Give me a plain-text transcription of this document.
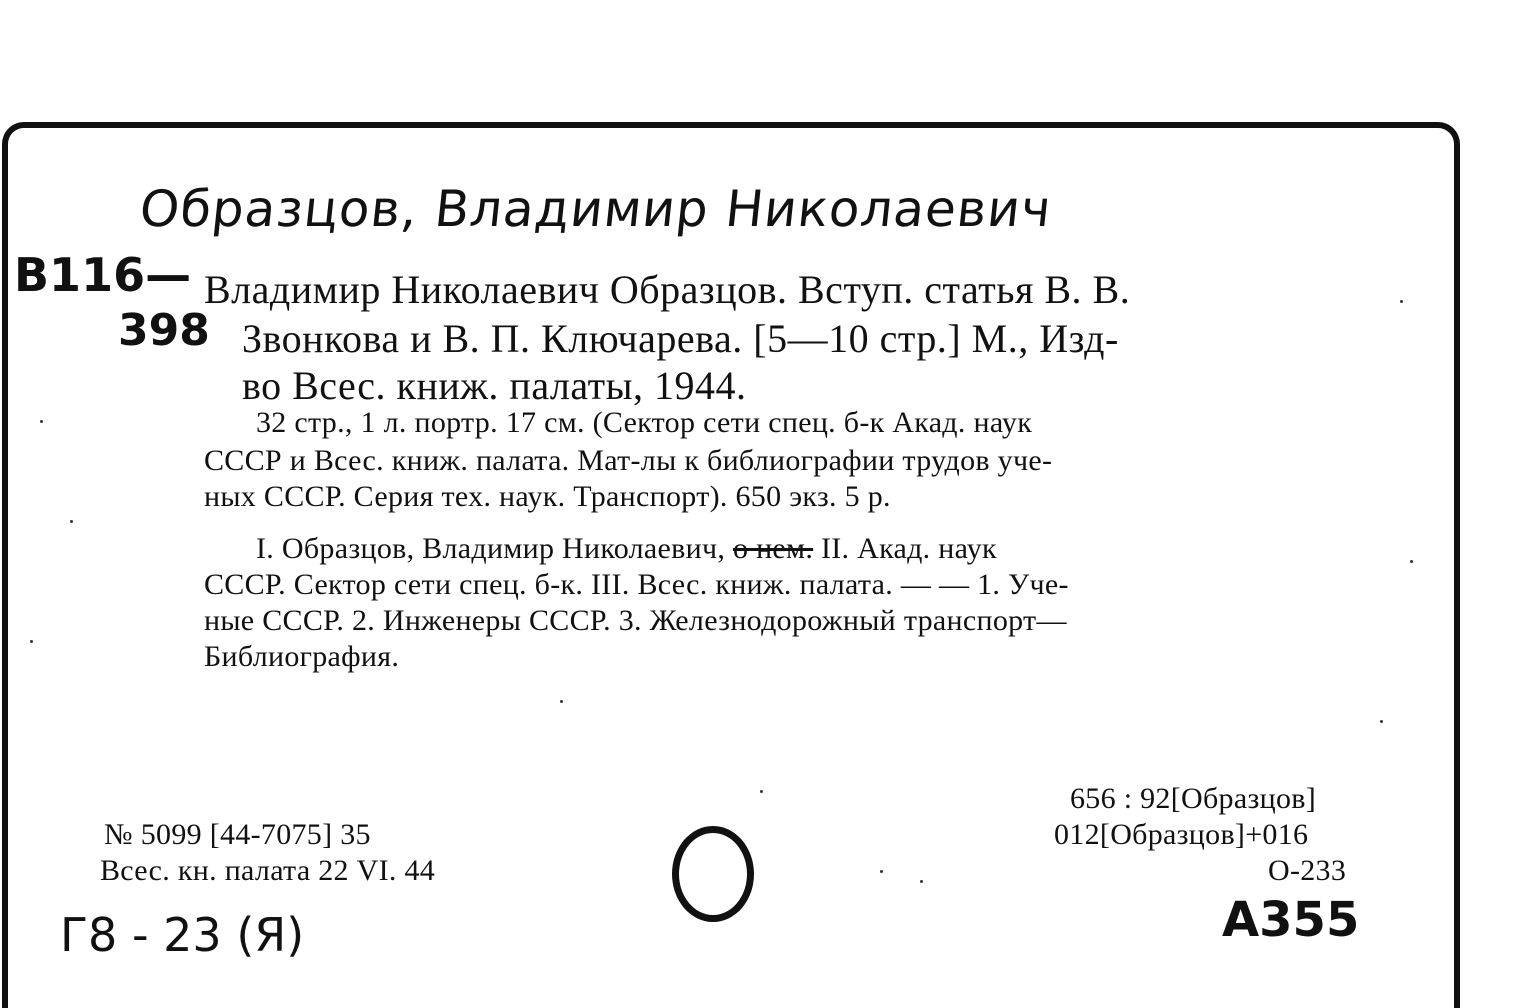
Образцов, Владимир Николаевич
В116—
398
Владимир Николаевич Образцов. Вступ. статья В. В.
Звонкова и В. П. Ключарева. [5—10 стр.] М., Изд-
во Всес. книж. палаты, 1944.
32 стр., 1 л. портр. 17 см. (Сектор сети спец. б-к Акад. наук
СССР и Всес. книж. палата. Мат-лы к библиографии трудов уче-
ных СССР. Серия тех. наук. Транспорт). 650 экз. 5 р.
I. Образцов, Владимир Николаевич, о нем. II. Акад. наук
СССР. Сектор сети спец. б-к. III. Всес. книж. палата. — — 1. Уче-
ные СССР. 2. Инженеры СССР. 3. Железнодорожный транспорт—
Библиография.
№ 5099 [44-7075] 35
Всес. кн. палата 22 VI. 44
656 : 92[Образцов]
012[Образцов]+016
О-233
Г8 - 23 (Я)	А355
